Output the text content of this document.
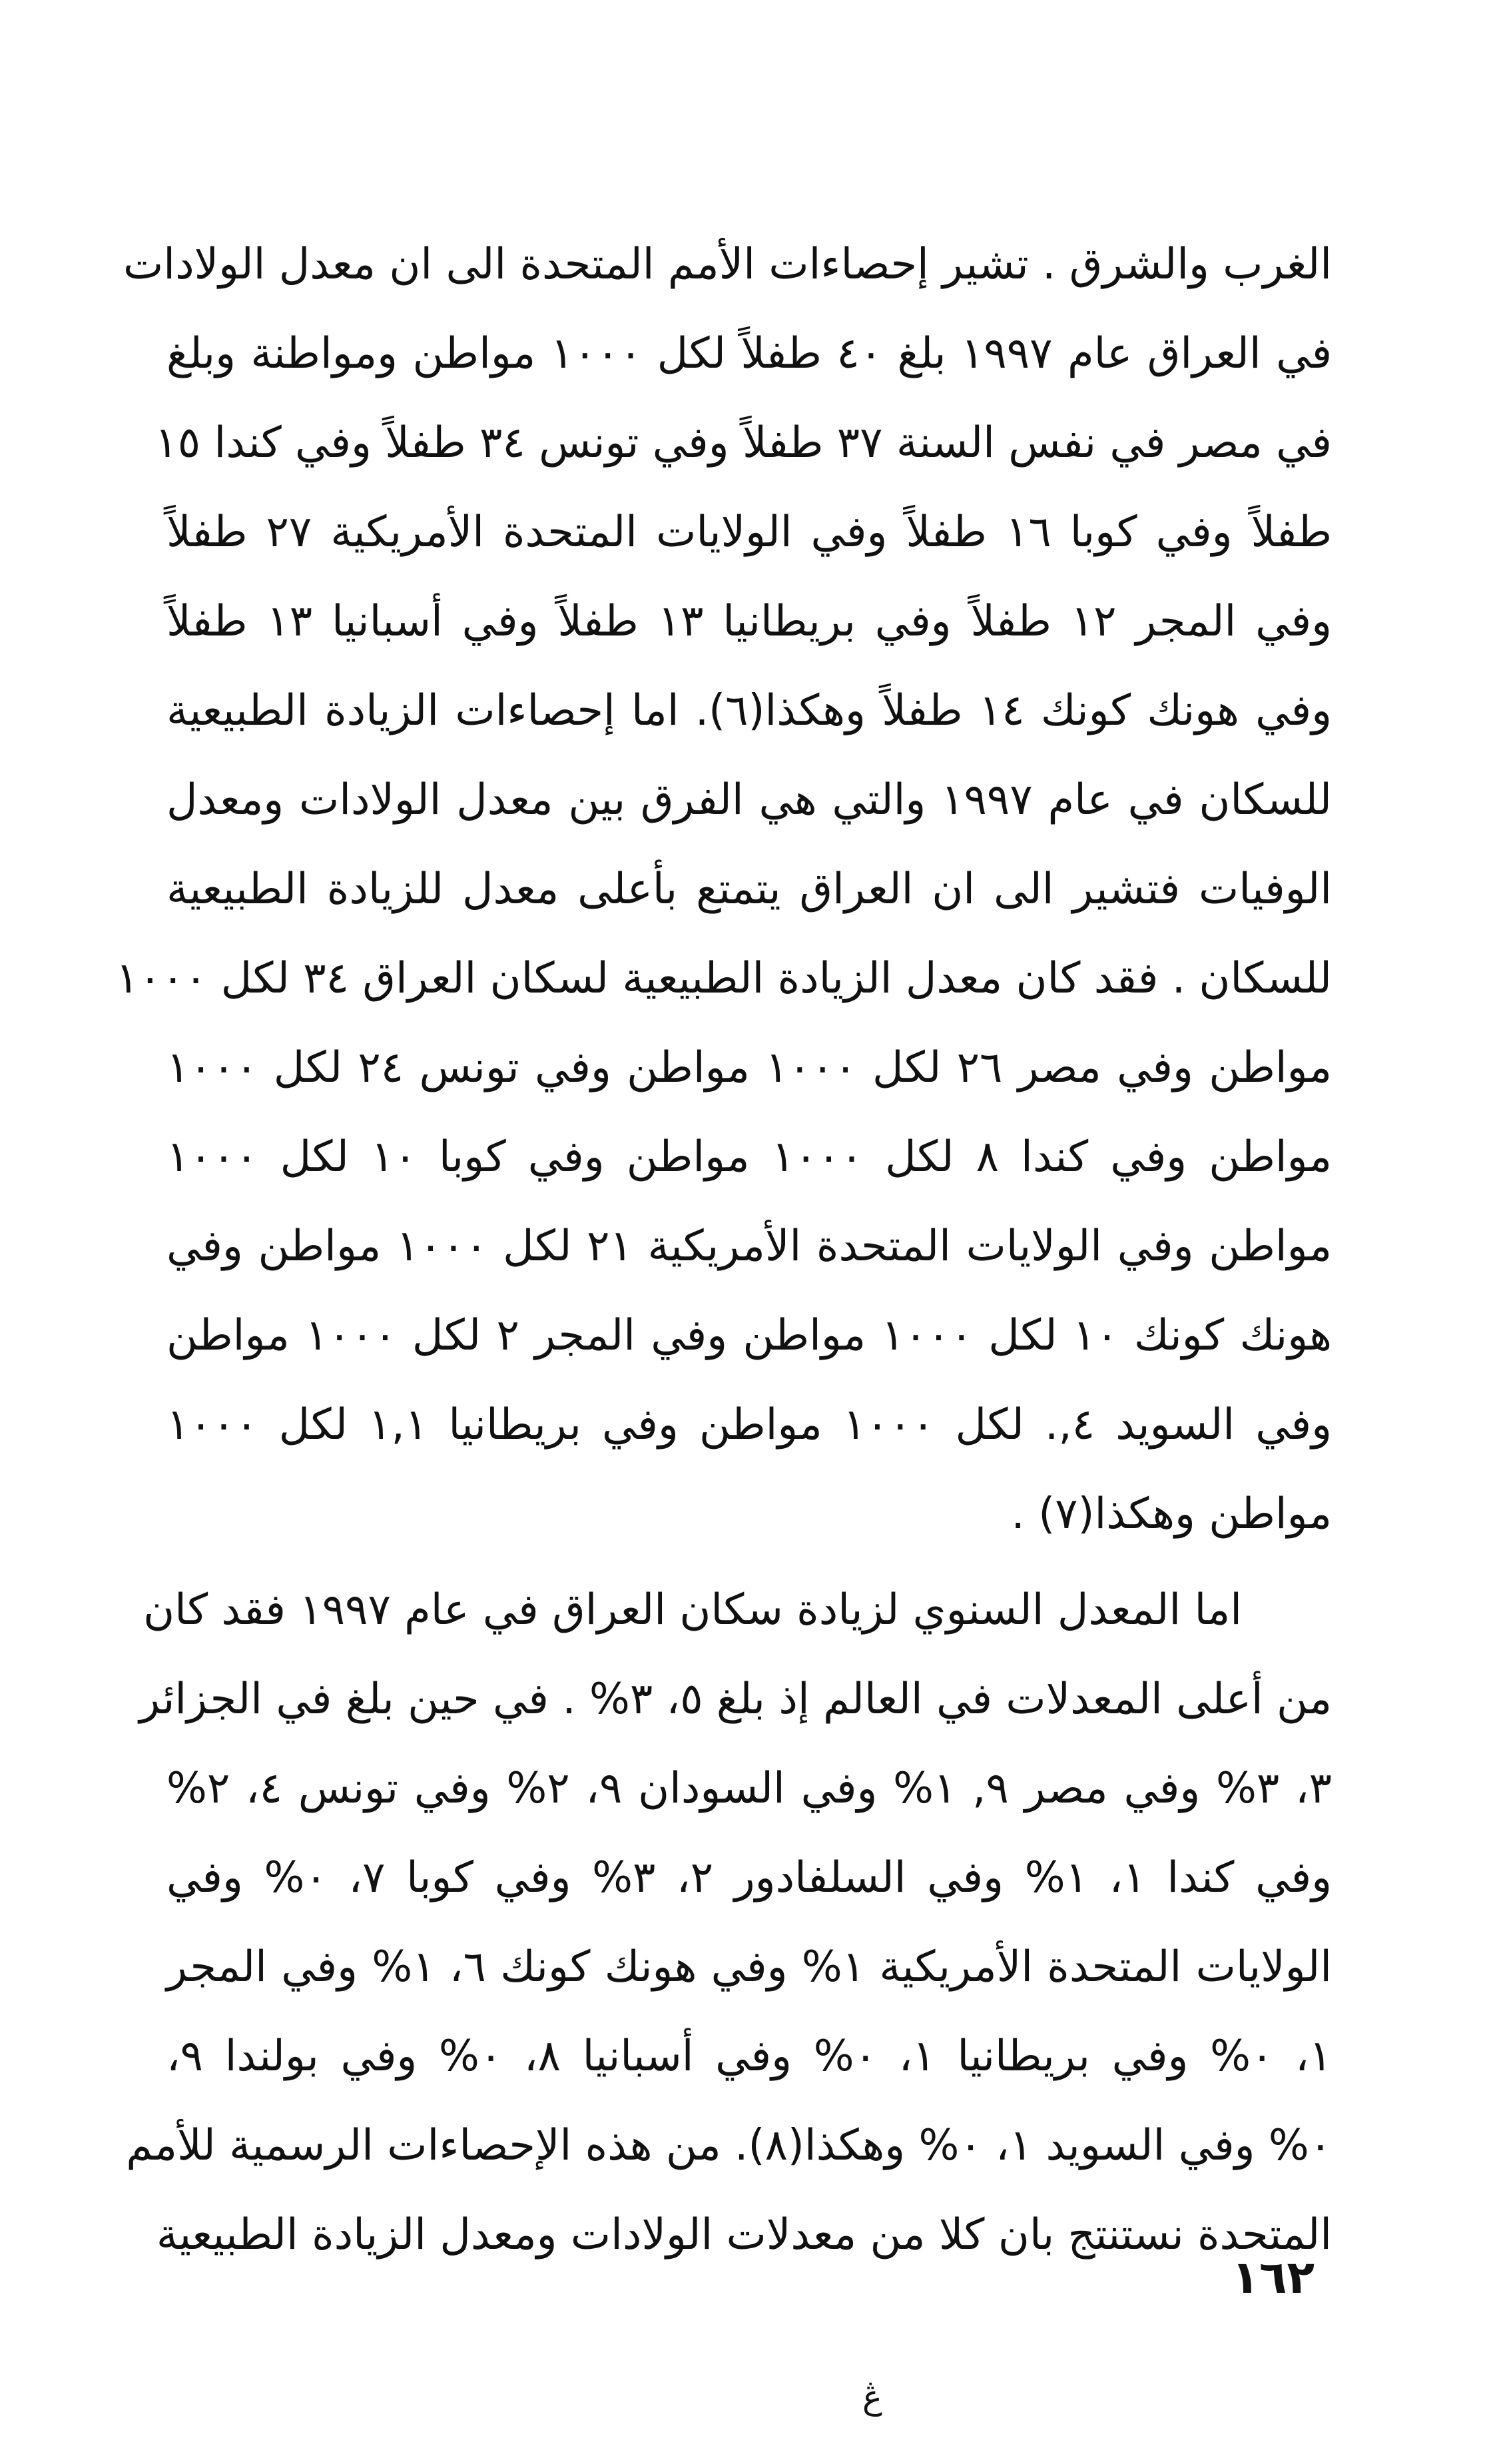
الغرب والشرق . تشير إحصاءات الأمم المتحدة الى ان معدل الولادات
في العراق عام ١٩٩٧ بلغ ٤٠ طفلاً لكل ١٠٠٠ مواطن ومواطنة وبلغ
في مصر في نفس السنة ٣٧ طفلاً وفي تونس ٣٤ طفلاً وفي كندا ١٥
طفلاً وفي كوبا ١٦ طفلاً وفي الولايات المتحدة الأمريكية ٢٧ طفلاً
وفي المجر ١٢ طفلاً وفي بريطانيا ١٣ طفلاً وفي أسبانيا ١٣ طفلاً
وفي هونك كونك ١٤ طفلاً وهكذا(٦). اما إحصاءات الزيادة الطبيعية
للسكان في عام ١٩٩٧ والتي هي الفرق بين معدل الولادات ومعدل
الوفيات فتشير الى ان العراق يتمتع بأعلى معدل للزيادة الطبيعية
للسكان . فقد كان معدل الزيادة الطبيعية لسكان العراق ٣٤ لكل ١٠٠٠
مواطن وفي مصر ٢٦ لكل ١٠٠٠ مواطن وفي تونس ٢٤ لكل ١٠٠٠
مواطن وفي كندا ٨ لكل ١٠٠٠ مواطن وفي كوبا ١٠ لكل ١٠٠٠
مواطن وفي الولايات المتحدة الأمريكية ٢١ لكل ١٠٠٠ مواطن وفي
هونك كونك ١٠ لكل ١٠٠٠ مواطن وفي المجر ٢ لكل ١٠٠٠ مواطن
وفي السويد ٤,. لكل ١٠٠٠ مواطن وفي بريطانيا ١,١ لكل ١٠٠٠
مواطن وهكذا(٧) .
اما المعدل السنوي لزيادة سكان العراق في عام ١٩٩٧ فقد كان
من أعلى المعدلات في العالم إذ بلغ ٥، ٣% . في حين بلغ في الجزائر
٣، ٣% وفي مصر ٩, ١% وفي السودان ٩، ٢% وفي تونس ٤، ٢%
وفي كندا ١، ١% وفي السلفادور ٢، ٣% وفي كوبا ٧، ٠% وفي
الولايات المتحدة الأمريكية ١% وفي هونك كونك ٦، ١% وفي المجر
١، ٠% وفي بريطانيا ١، ٠% وفي أسبانيا ٨، ٠% وفي بولندا ٩،
٠% وفي السويد ١، ٠% وهكذا(٨). من هذه الإحصاءات الرسمية للأمم
المتحدة نستنتج بان كلا من معدلات الولادات ومعدل الزيادة الطبيعية
١٦٢
ڠ
